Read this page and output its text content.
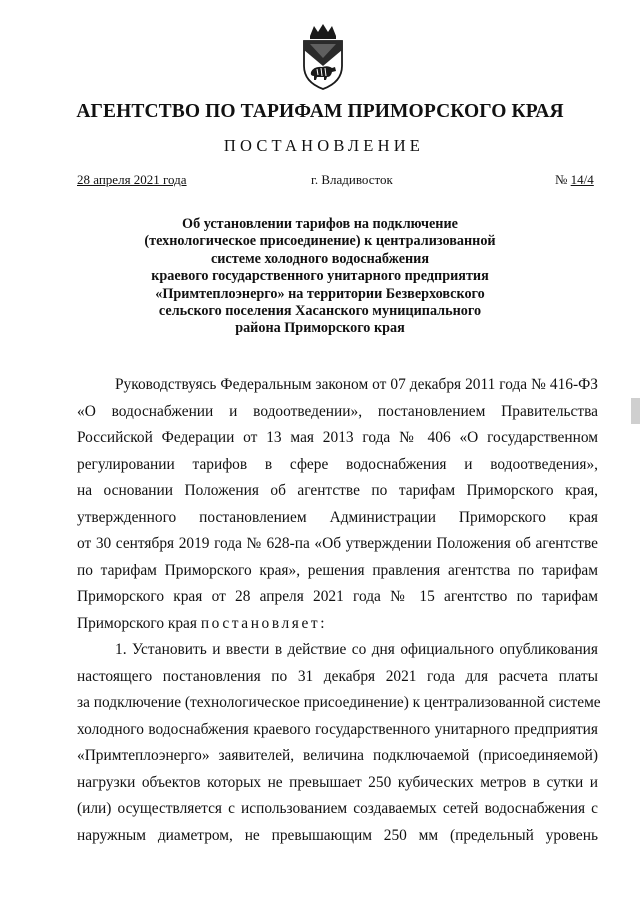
АГЕНТСТВО ПО ТАРИФАМ ПРИМОРСКОГО КРАЯ
ПОСТАНОВЛЕНИЕ
28 апреля 2021 года	г. Владивосток	№ 14/4
Об установлении тарифов на подключение
(технологическое присоединение) к централизованной
системе холодного водоснабжения
краевого государственного унитарного предприятия
«Примтеплоэнерго» на территории Безверховского
сельского поселения Хасанского муниципального
района Приморского края
Руководствуясь Федеральным законом от 07 декабря 2011 года № 416-ФЗ
«О водоснабжении и водоотведении», постановлением Правительства
Российской Федерации от 13 мая 2013 года № 406 «О государственном
регулировании тарифов в сфере водоснабжения и водоотведения»,
на основании Положения об агентстве по тарифам Приморского края,
утвержденного постановлением Администрации Приморского края
от 30 сентября 2019 года № 628-па «Об утверждении Положения об агентстве
по тарифам Приморского края», решения правления агентства по тарифам
Приморского края от 28 апреля 2021 года № 15 агентство по тарифам
Приморского края постановляет:
1. Установить и ввести в действие со дня официального опубликования
настоящего постановления по 31 декабря 2021 года для расчета платы
за подключение (технологическое присоединение) к централизованной системе
холодного водоснабжения краевого государственного унитарного предприятия
«Примтеплоэнерго» заявителей, величина подключаемой (присоединяемой)
нагрузки объектов которых не превышает 250 кубических метров в сутки и
(или) осуществляется с использованием создаваемых сетей водоснабжения с
наружным диаметром, не превышающим 250 мм (предельный уровень
